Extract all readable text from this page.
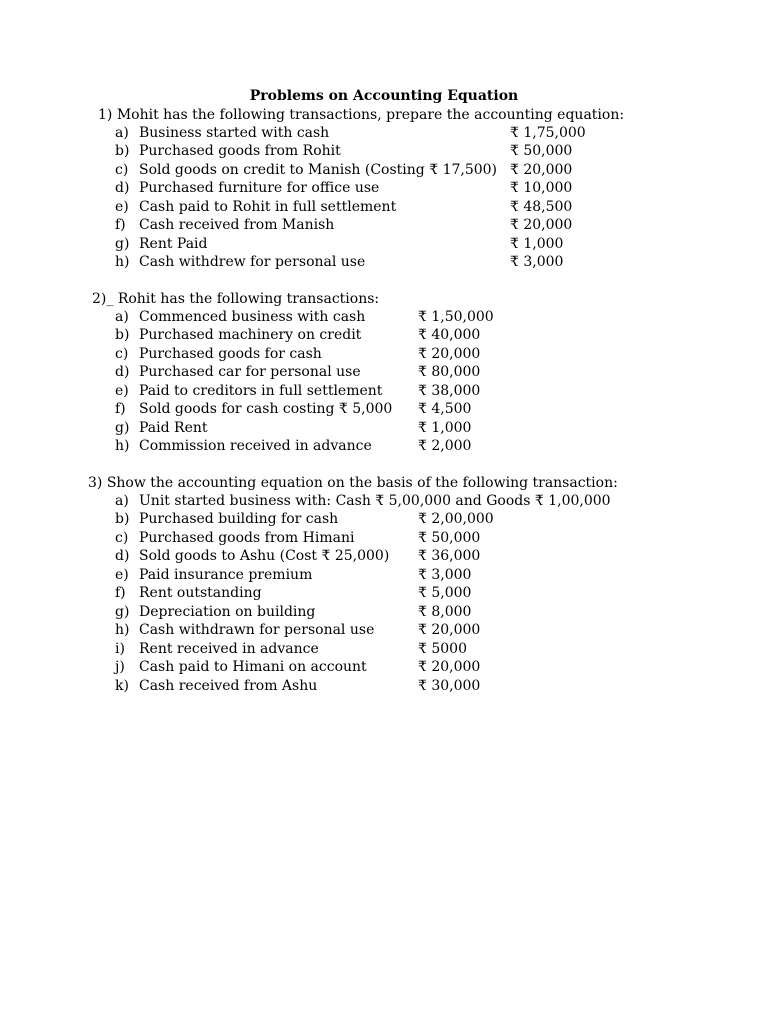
Problems on Accounting Equation
1) Mohit has the following transactions, prepare the accounting equation:
a) Business started with cash	₹ 1,75,000
b) Purchased goods from Rohit	₹ 50,000
c) Sold goods on credit to Manish (Costing ₹ 17,500) ₹ 20,000
d) Purchased furniture for office use	₹ 10,000
e) Cash paid to Rohit in full settlement	₹ 48,500
f) Cash received from Manish	₹ 20,000
g) Rent Paid	₹ 1,000
h) Cash withdrew for personal use	₹ 3,000
2)_ Rohit has the following transactions:
a) Commenced business with cash	₹ 1,50,000
b) Purchased machinery on credit	₹ 40,000
c) Purchased goods for cash	₹ 20,000
d) Purchased car for personal use	₹ 80,000
e) Paid to creditors in full settlement	₹ 38,000
f) Sold goods for cash costing ₹ 5,000 ₹ 4,500
g) Paid Rent	₹ 1,000
h) Commission received in advance	₹ 2,000
3) Show the accounting equation on the basis of the following transaction:
a) Unit started business with: Cash ₹ 5,00,000 and Goods ₹ 1,00,000
b) Purchased building for cash	₹ 2,00,000
c) Purchased goods from Himani	₹ 50,000
d) Sold goods to Ashu (Cost ₹ 25,000) ₹ 36,000
e) Paid insurance premium	₹ 3,000
f) Rent outstanding	₹ 5,000
g) Depreciation on building	₹ 8,000
h) Cash withdrawn for personal use	₹ 20,000
i) Rent received in advance	₹ 5000
j) Cash paid to Himani on account	₹ 20,000
k) Cash received from Ashu	₹ 30,000
